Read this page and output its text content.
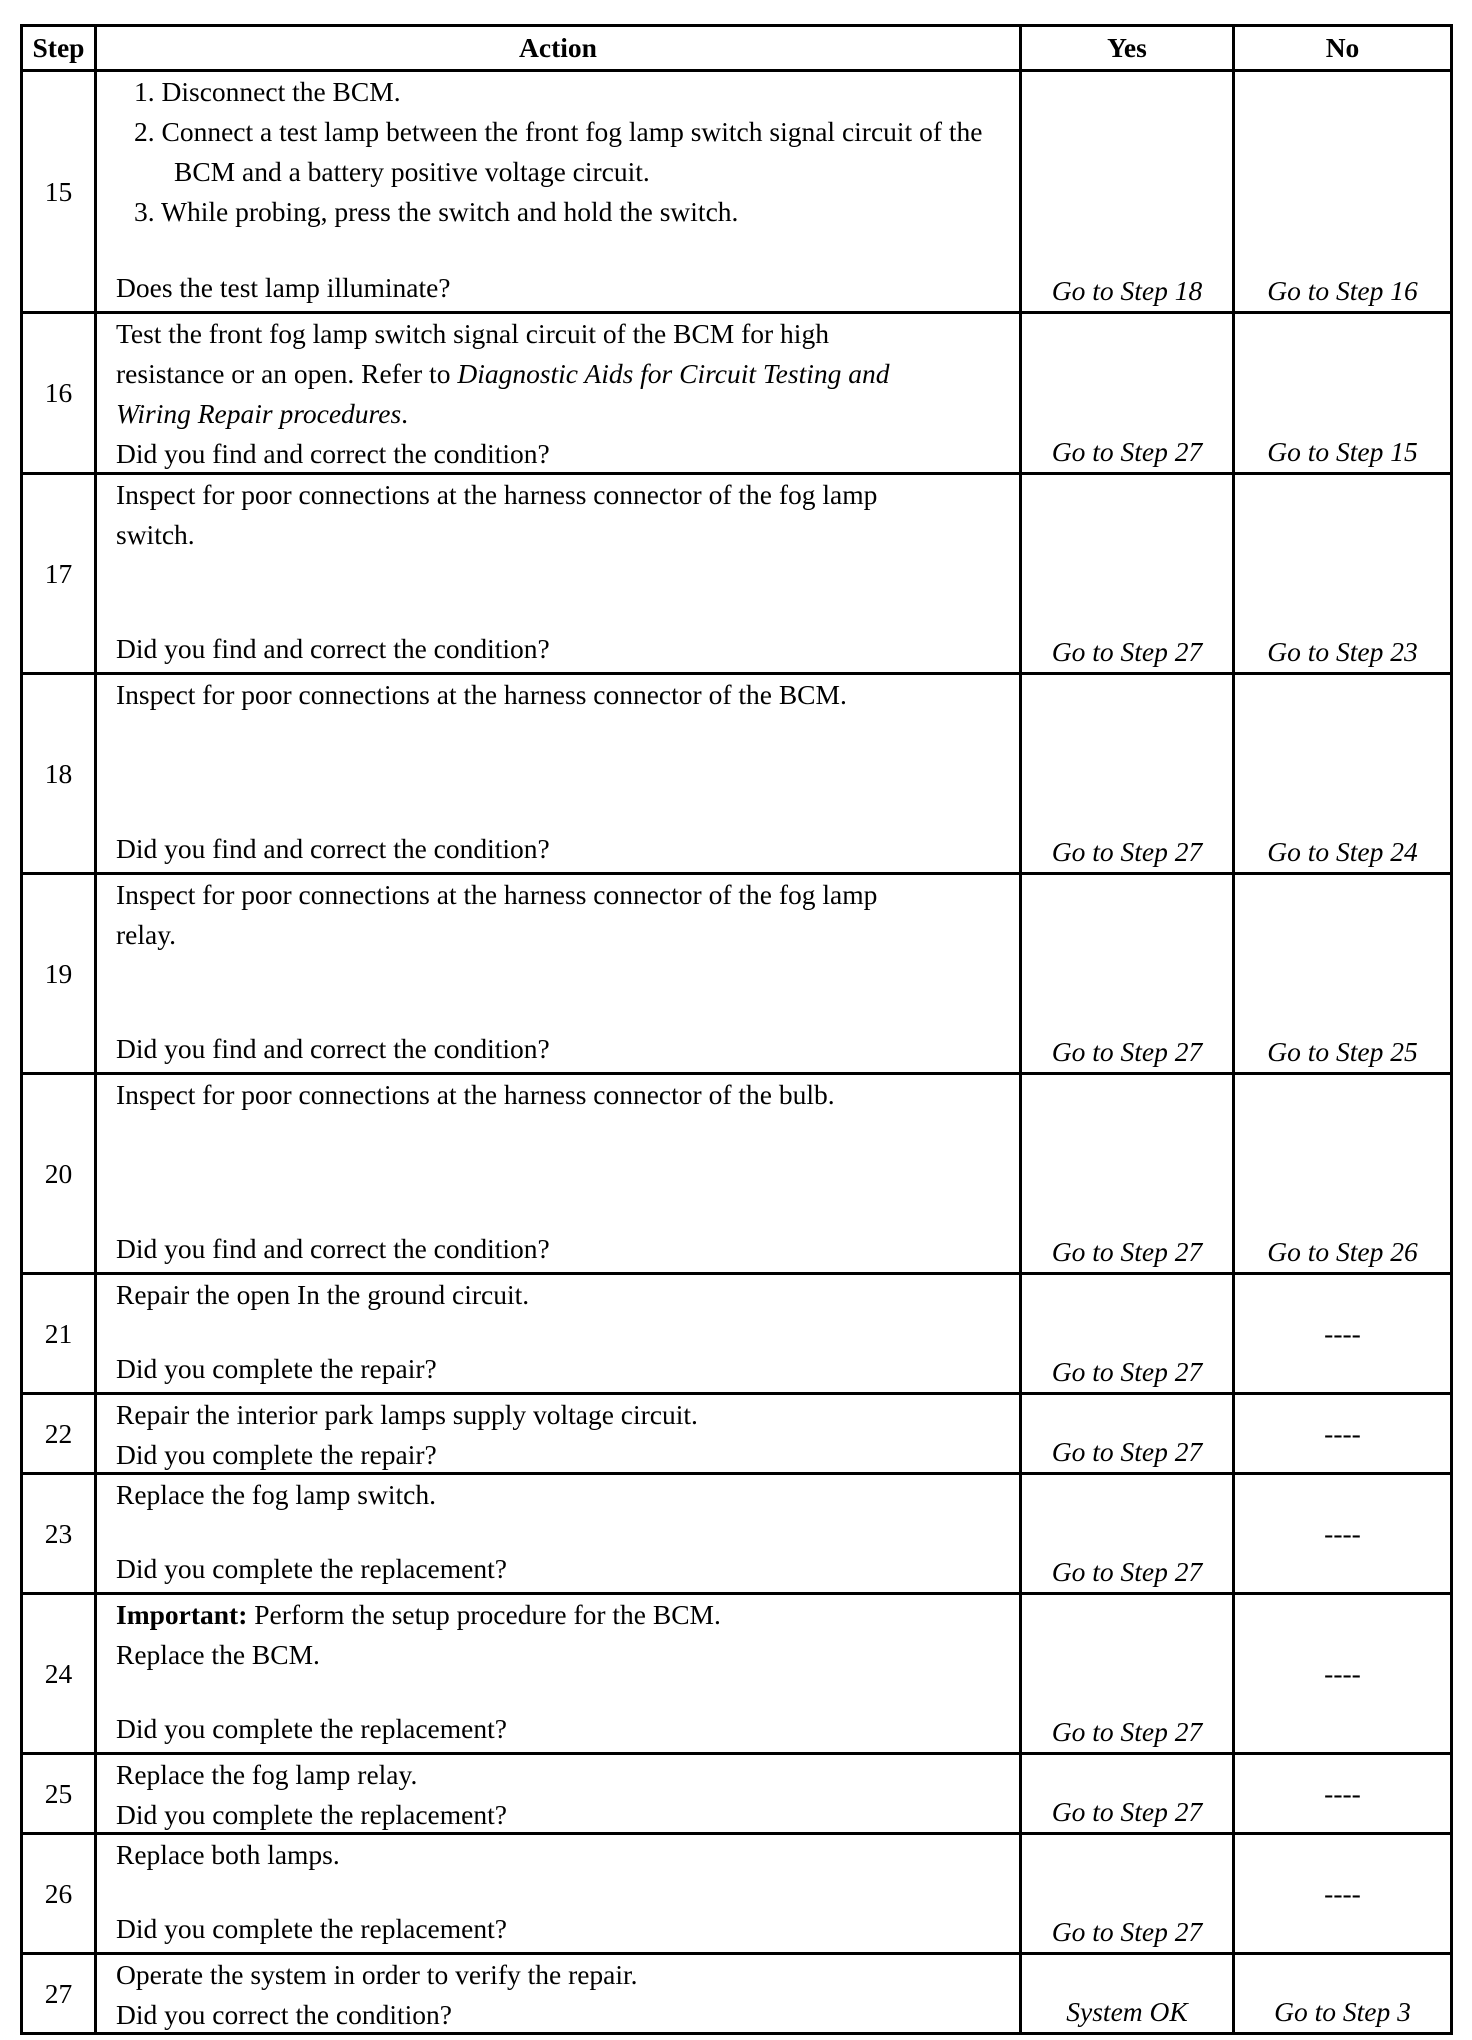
Step	Action	Yes	No
15	1. Disconnect the BCM.
2. Connect a test lamp between the front fog lamp switch signal circuit of the BCM and a battery positive voltage circuit.
3. While probing, press the switch and hold the switch.
Does the test lamp illuminate?	Go to Step 18	Go to Step 16
16	Test the front fog lamp switch signal circuit of the BCM for high resistance or an open. Refer to Diagnostic Aids for Circuit Testing and Wiring Repair procedures.
Did you find and correct the condition?	Go to Step 27	Go to Step 15
17	Inspect for poor connections at the harness connector of the fog lamp switch.
Did you find and correct the condition?	Go to Step 27	Go to Step 23
18	Inspect for poor connections at the harness connector of the BCM.
Did you find and correct the condition?	Go to Step 27	Go to Step 24
19	Inspect for poor connections at the harness connector of the fog lamp relay.
Did you find and correct the condition?	Go to Step 27	Go to Step 25
20	Inspect for poor connections at the harness connector of the bulb.
Did you find and correct the condition?	Go to Step 27	Go to Step 26
21	Repair the open In the ground circuit.
Did you complete the repair?	Go to Step 27	----
22	Repair the interior park lamps supply voltage circuit.
Did you complete the repair?	Go to Step 27	----
23	Replace the fog lamp switch.
Did you complete the replacement?	Go to Step 27	----
24	Important: Perform the setup procedure for the BCM.
Replace the BCM.
Did you complete the replacement?	Go to Step 27	----
25	Replace the fog lamp relay.
Did you complete the replacement?	Go to Step 27	----
26	Replace both lamps.
Did you complete the replacement?	Go to Step 27	----
27	Operate the system in order to verify the repair.
Did you correct the condition?	System OK	Go to Step 3
